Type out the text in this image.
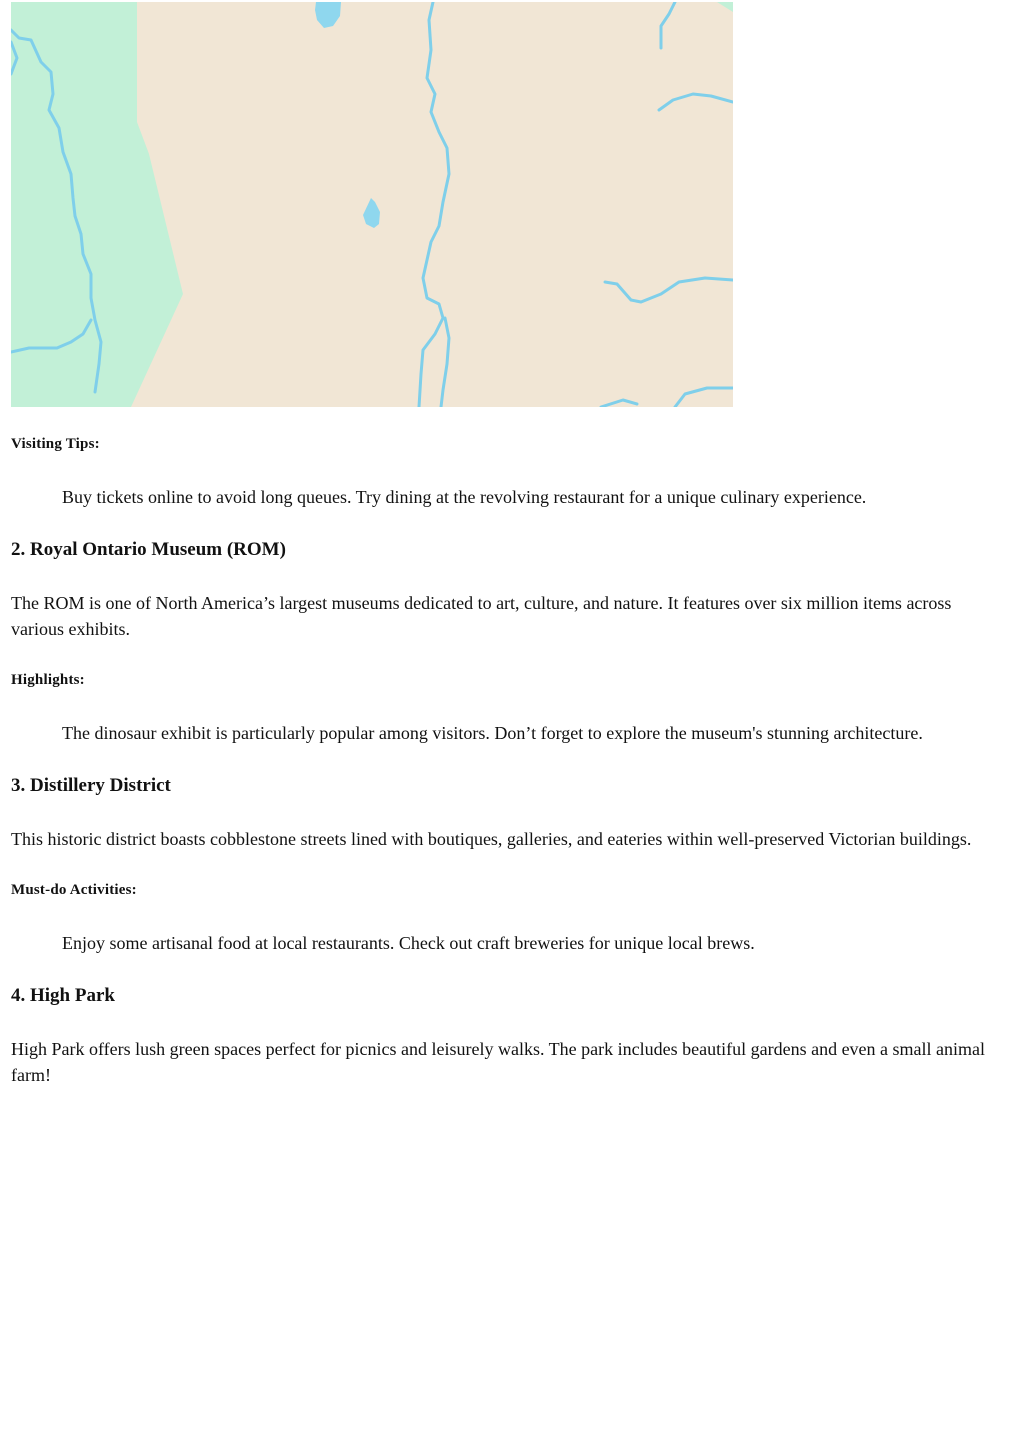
Visiting Tips:
Buy tickets online to avoid long queues. Try dining at the revolving restaurant for a unique culinary experience.
2. Royal Ontario Museum (ROM)
The ROM is one of North America’s largest museums dedicated to art, culture, and nature. It features over six million items across various exhibits.
Highlights:
The dinosaur exhibit is particularly popular among visitors. Don’t forget to explore the museum's stunning architecture.
3. Distillery District
This historic district boasts cobblestone streets lined with boutiques, galleries, and eateries within well-preserved Victorian buildings.
Must-do Activities:
Enjoy some artisanal food at local restaurants. Check out craft breweries for unique local brews.
4. High Park
High Park offers lush green spaces perfect for picnics and leisurely walks. The park includes beautiful gardens and even a small animal farm!
